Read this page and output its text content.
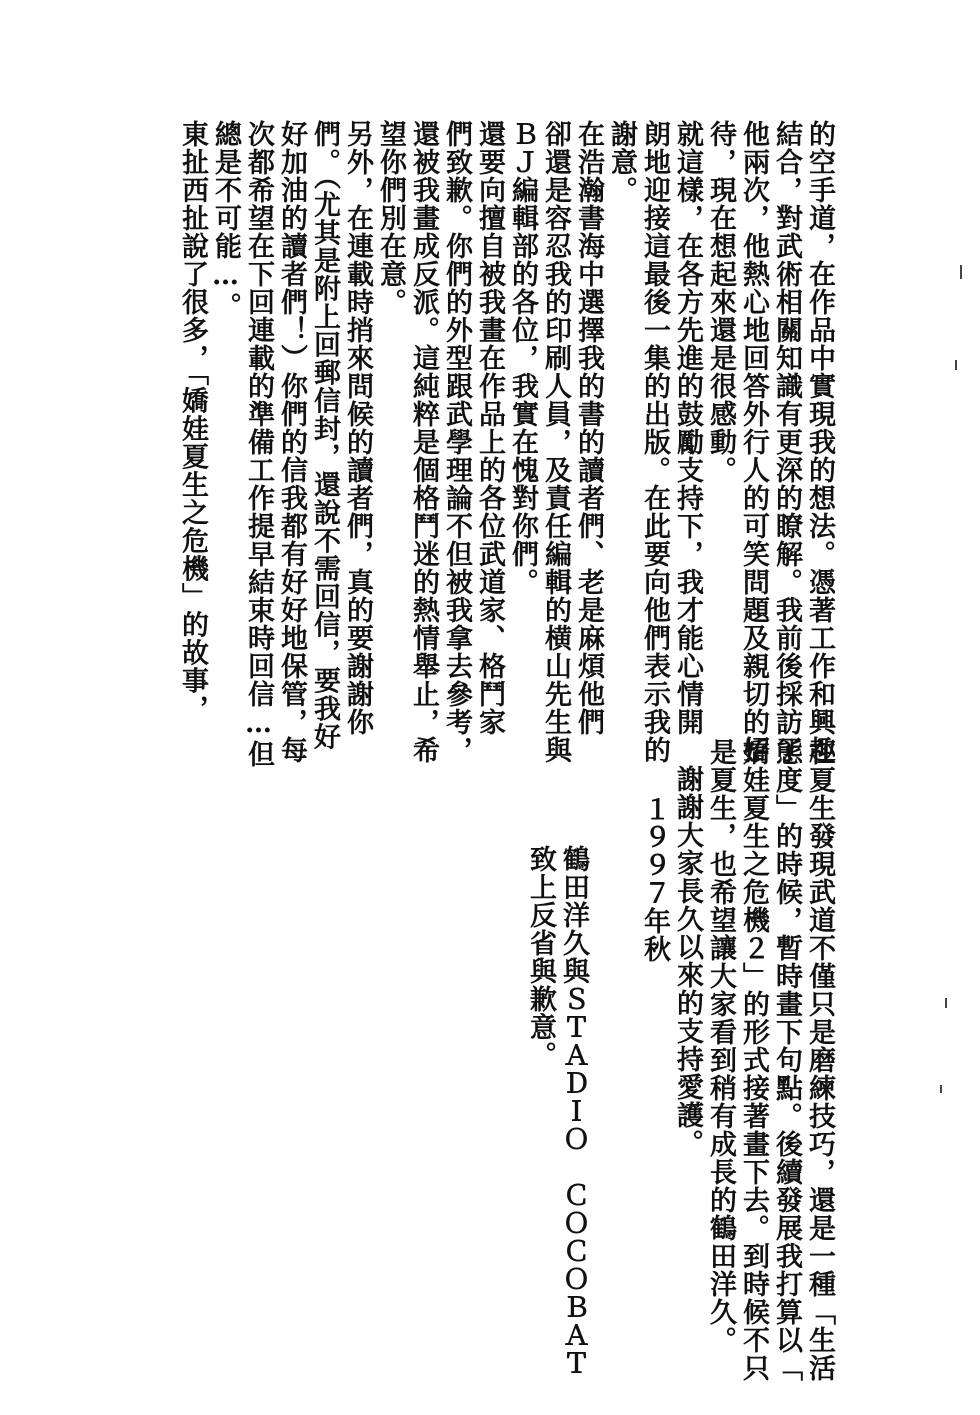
的空手道，在作品中實現我的想法。憑著工作和興趣
結合，對武術相關知識有更深的瞭解。我前後採訪了
他兩次，他熱心地回答外行人的可笑問題及親切的招
待，現在想起來還是很感動。
就這樣，在各方先進的鼓勵支持下，我才能心情開
朗地迎接這最後一集的出版。在此要向他們表示我的
謝意。
在浩瀚書海中選擇我的書的讀者們、老是麻煩他們
卻還是容忍我的印刷人員，及責任編輯的横山先生與
ＢＪ編輯部的各位，我實在愧對你們。
還要向擅自被我畫在作品上的各位武道家、格鬥家
們致歉。你們的外型跟武學理論不但被我拿去參考，
還被我畫成反派。這純粹是個格鬥迷的熱情舉止，希
望你們別在意。
另外，在連載時捎來問候的讀者們，真的要謝謝你
們。（尤其是附上回郵信封，還說不需回信，要我好
好加油的讀者們！）你們的信我都有好好地保管，每
次都希望在下回連載的準備工作提早結束時回信…但
總是不可能…。
東扯西扯說了很多，「嬌娃夏生之危機」的故事，
在夏生發現武道不僅只是磨練技巧，還是一種「生活
態度」的時候，暫時畫下句點。後續發展我打算以「
嬌娃夏生之危機２」的形式接著畫下去。到時候不只
是夏生，也希望讓大家看到稍有成長的鶴田洋久。
謝謝大家長久以來的支持愛護。
１９９７年秋
鶴田洋久與ＳＴＡＤＩＯ　ＣＯＣＯＢＡＴ
致上反省與歉意。
